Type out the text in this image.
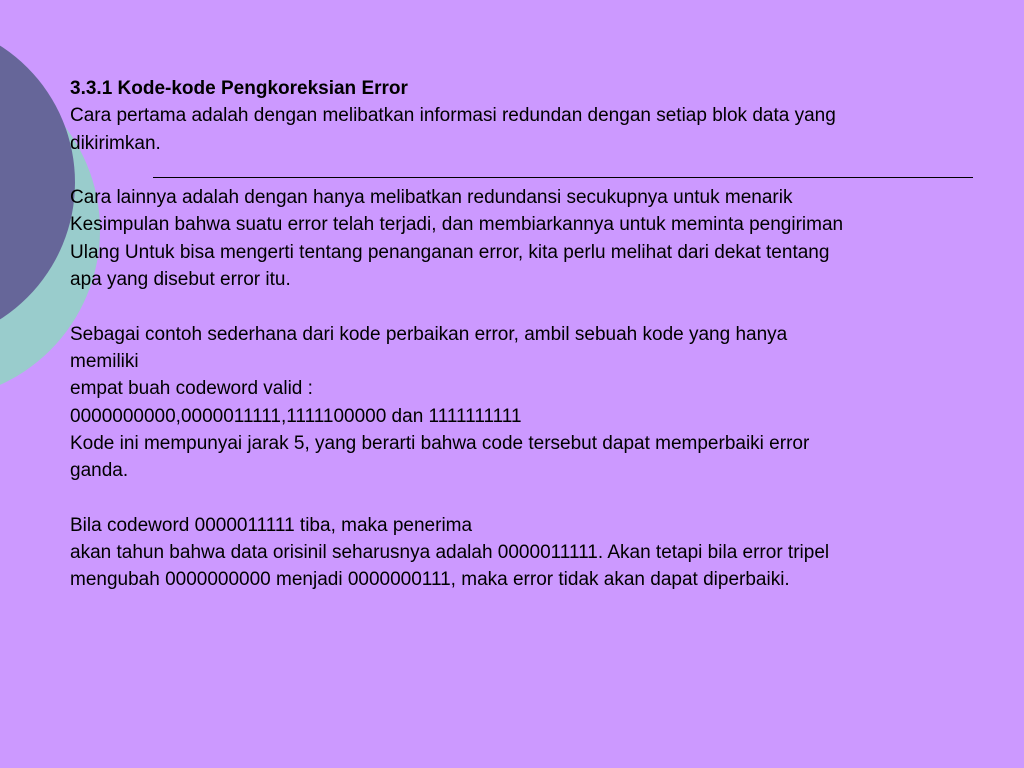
3.3.1 Kode-kode Pengkoreksian Error
Cara pertama adalah dengan melibatkan informasi redundan dengan setiap blok data yang
dikirimkan.
Cara lainnya adalah dengan hanya melibatkan redundansi secukupnya untuk menarik
Kesimpulan bahwa suatu error telah terjadi, dan membiarkannya untuk meminta pengiriman
Ulang Untuk bisa mengerti tentang penanganan error, kita perlu melihat dari dekat tentang
apa yang disebut error itu.
Sebagai contoh sederhana dari kode perbaikan error, ambil sebuah kode yang hanya
memiliki
empat buah codeword valid :
0000000000,0000011111,1111100000 dan 1111111111
Kode ini mempunyai jarak 5, yang berarti bahwa code tersebut dapat memperbaiki error
ganda.
Bila codeword 0000011111 tiba, maka penerima
akan tahun bahwa data orisinil seharusnya adalah 0000011111. Akan tetapi bila error tripel
mengubah 0000000000 menjadi 0000000111, maka error tidak akan dapat diperbaiki.
